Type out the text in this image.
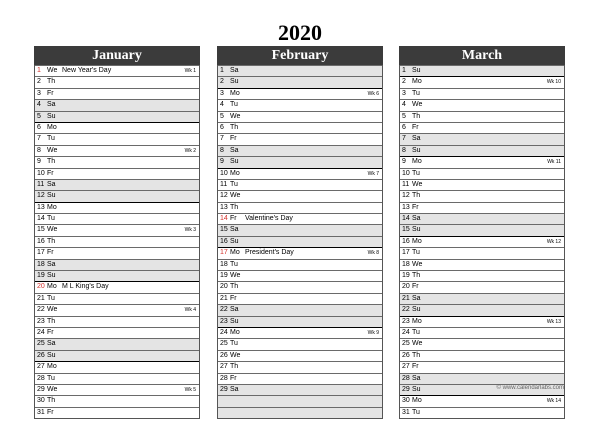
2020
January
1 We New Year's Day	Wk 1
2 Th
3 Fr
4 Sa
5 Su
6 Mo
7 Tu
8 We	Wk 2
9 Th
10 Fr
11 Sa
12 Su
13 Mo
14 Tu
15 We	Wk 3
16 Th
17 Fr
18 Sa
19 Su
20 Mo M L King's Day
21 Tu
22 We	Wk 4
23 Th
24 Fr
25 Sa
26 Su
27 Mo
28 Tu
29 We	Wk 5
30 Th
31 Fr
February
1 Sa
2 Su
3 Mo	Wk 6
4 Tu
5 We
6 Th
7 Fr
8 Sa
9 Su
10 Mo	Wk 7
11 Tu
12 We
13 Th
14 Fr Valentine's Day
15 Sa
16 Su
17 Mo President's Day	Wk 8
18 Tu
19 We
20 Th
21 Fr
22 Sa
23 Su
24 Mo	Wk 9
25 Tu
26 We
27 Th
28 Fr
29 Sa
March
1 Su
2 Mo	Wk 10
3 Tu
4 We
5 Th
6 Fr
7 Sa
8 Su
9 Mo	Wk 11
10 Tu
11 We
12 Th
13 Fr
14 Sa
15 Su
16 Mo	Wk 12
17 Tu
18 We
19 Th
20 Fr
21 Sa
22 Su
23 Mo	Wk 13
24 Tu
25 We
26 Th
27 Fr
28 Sa
29 Su
30 Mo	Wk 14
31 Tu
© www.calendarlabs.com
